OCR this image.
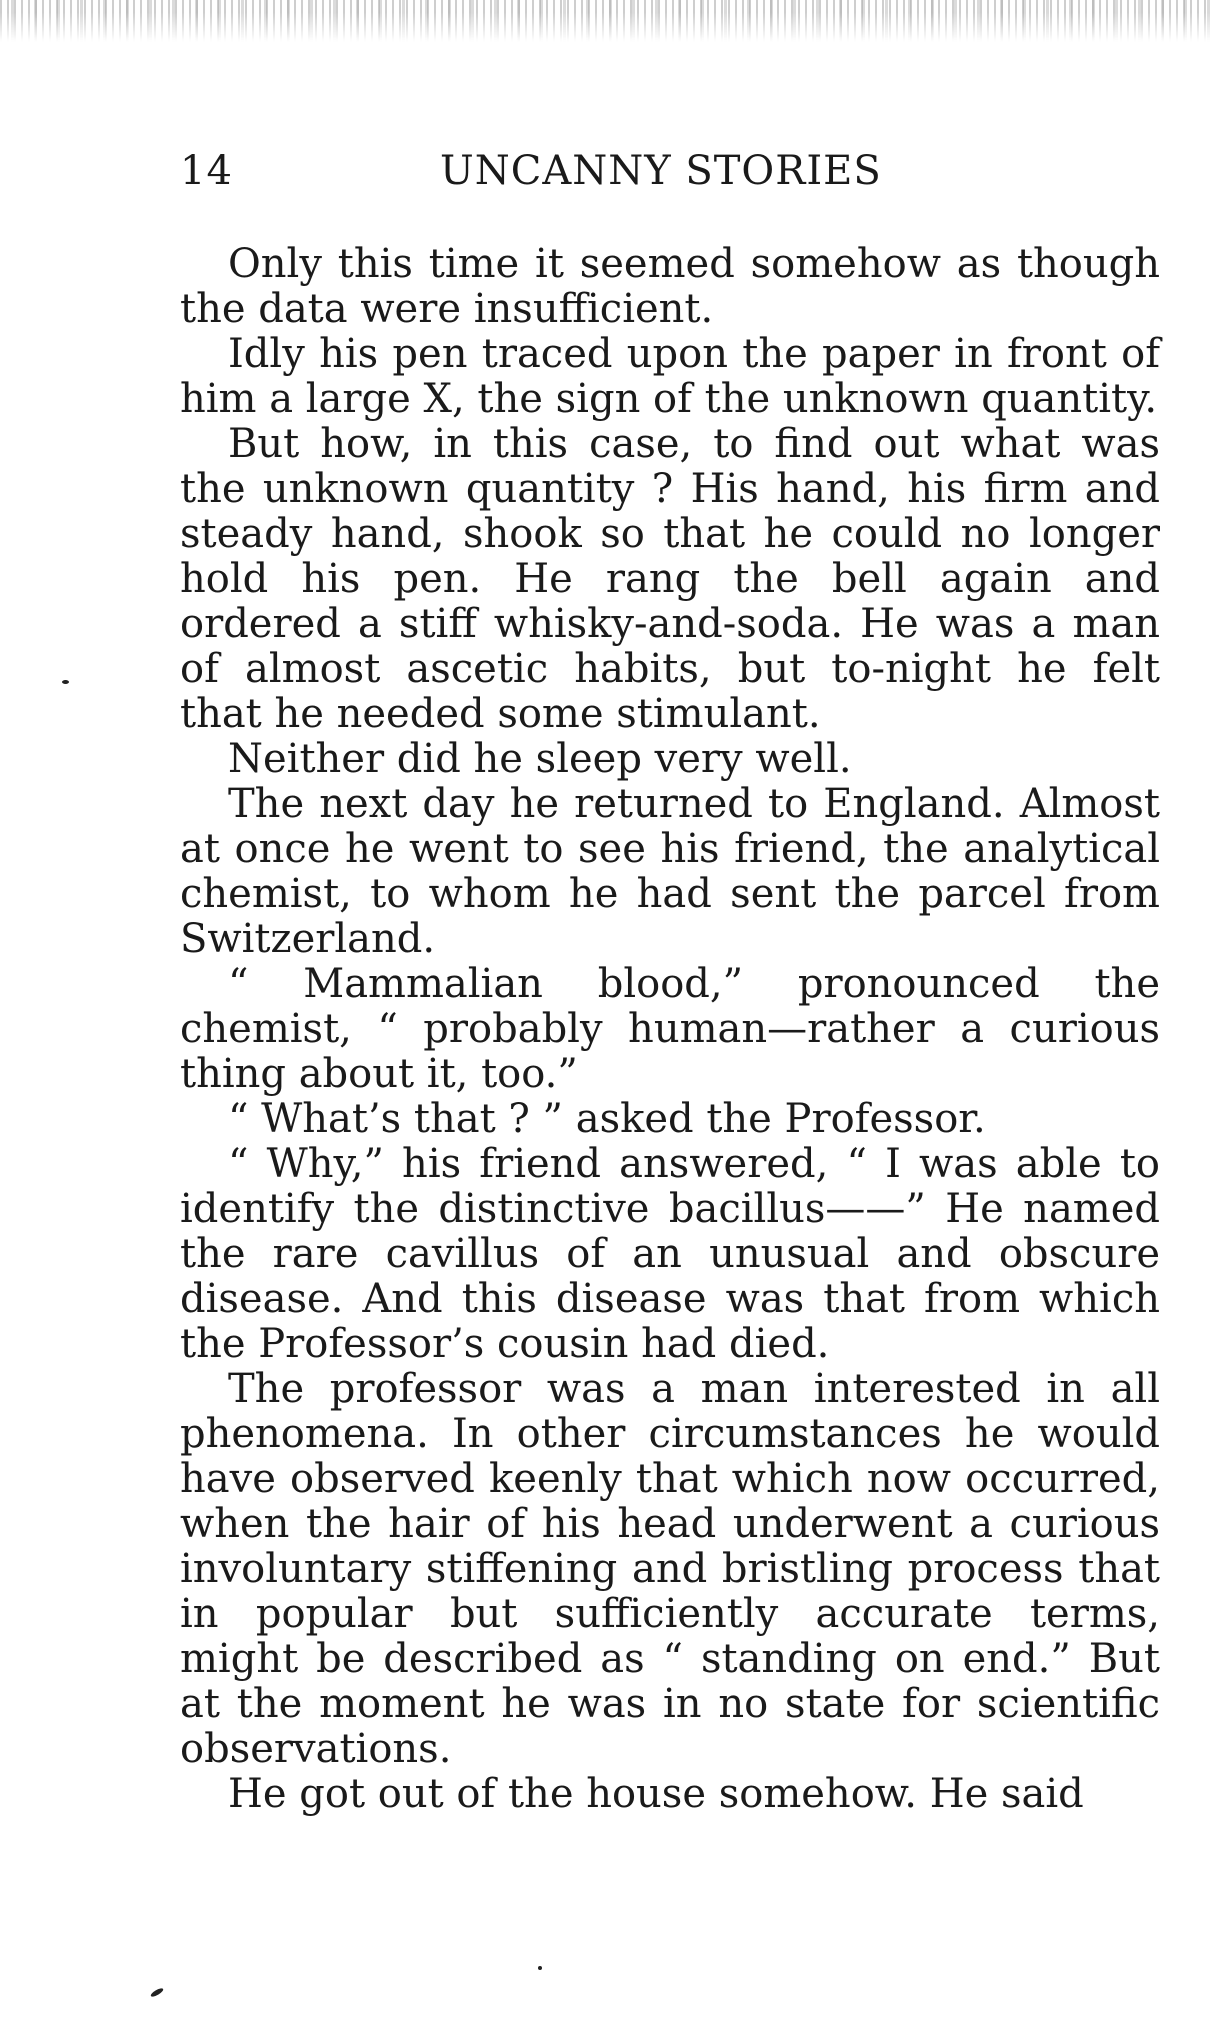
14	UNCANNY STORIES

Only this time it seemed somehow as though the data were insufficient.

Idly his pen traced upon the paper in front of him a large X, the sign of the unknown quantity.

But how, in this case, to find out what was the unknown quantity ? His hand, his firm and steady hand, shook so that he could no longer hold his pen. He rang the bell again and ordered a stiff whisky-and-soda. He was a man of almost ascetic habits, but to-night he felt that he needed some stimulant.

Neither did he sleep very well.

The next day he returned to England. Almost at once he went to see his friend, the analytical chemist, to whom he had sent the parcel from Switzerland.

“ Mammalian blood,” pronounced the chemist, “ probably human—rather a curious thing about it, too.”

“ What’s that ? ” asked the Professor.

“ Why,” his friend answered, “ I was able to identify the distinctive bacillus——” He named the rare cavillus of an unusual and obscure disease. And this disease was that from which the Professor’s cousin had died.

The professor was a man interested in all phenomena. In other circumstances he would have observed keenly that which now occurred, when the hair of his head underwent a curious involuntary stiffening and bristling process that in popular but sufficiently accurate terms, might be described as “ standing on end.” But at the moment he was in no state for scientific observations.

He got out of the house somehow. He said
